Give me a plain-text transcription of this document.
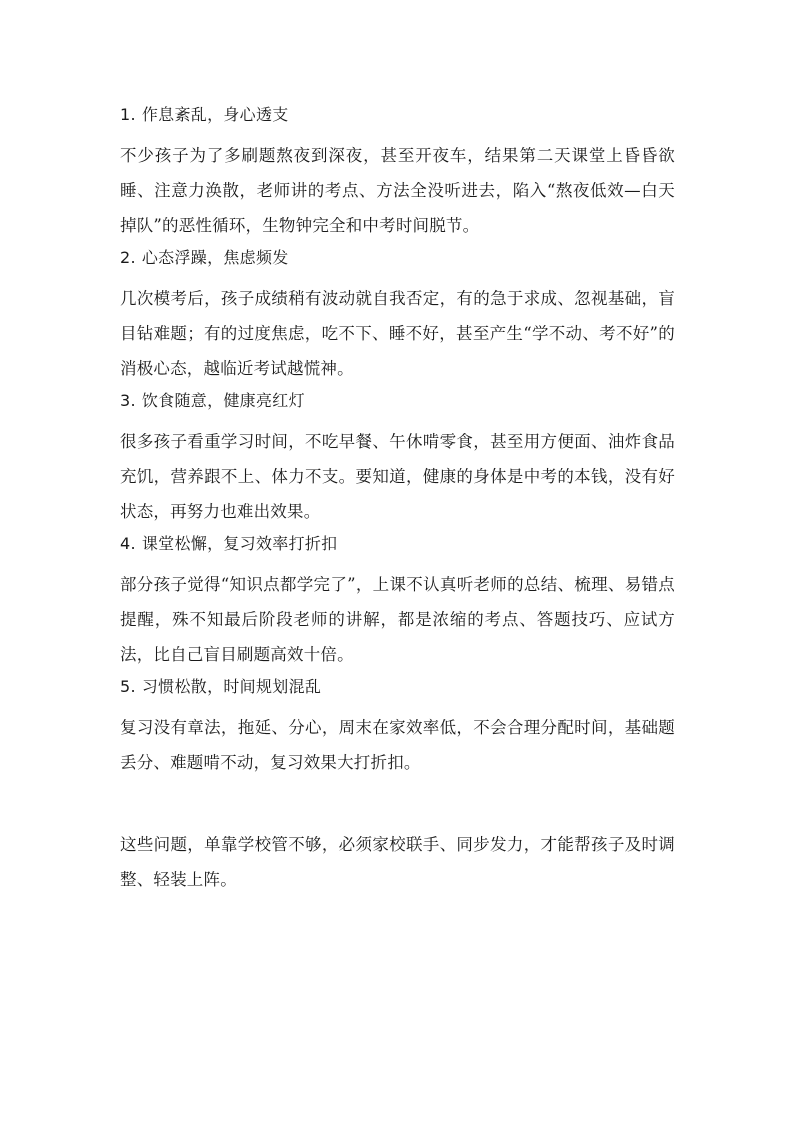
1. 作息紊乱，身心透支

不少孩子为了多刷题熬夜到深夜，甚至开夜车，结果第二天课堂上昏昏欲睡、注意力涣散，老师讲的考点、方法全没听进去，陷入“熬夜低效—白天掉队”的恶性循环，生物钟完全和中考时间脱节。

2. 心态浮躁，焦虑频发

几次模考后，孩子成绩稍有波动就自我否定，有的急于求成、忽视基础，盲目钻难题；有的过度焦虑，吃不下、睡不好，甚至产生“学不动、考不好”的消极心态，越临近考试越慌神。

3. 饮食随意，健康亮红灯

很多孩子看重学习时间，不吃早餐、午休啃零食，甚至用方便面、油炸食品充饥，营养跟不上、体力不支。要知道，健康的身体是中考的本钱，没有好状态，再努力也难出效果。

4. 课堂松懈，复习效率打折扣

部分孩子觉得“知识点都学完了”，上课不认真听老师的总结、梳理、易错点提醒，殊不知最后阶段老师的讲解，都是浓缩的考点、答题技巧、应试方法，比自己盲目刷题高效十倍。

5. 习惯松散，时间规划混乱

复习没有章法，拖延、分心，周末在家效率低，不会合理分配时间，基础题丢分、难题啃不动，复习效果大打折扣。

这些问题，单靠学校管不够，必须家校联手、同步发力，才能帮孩子及时调整、轻装上阵。
